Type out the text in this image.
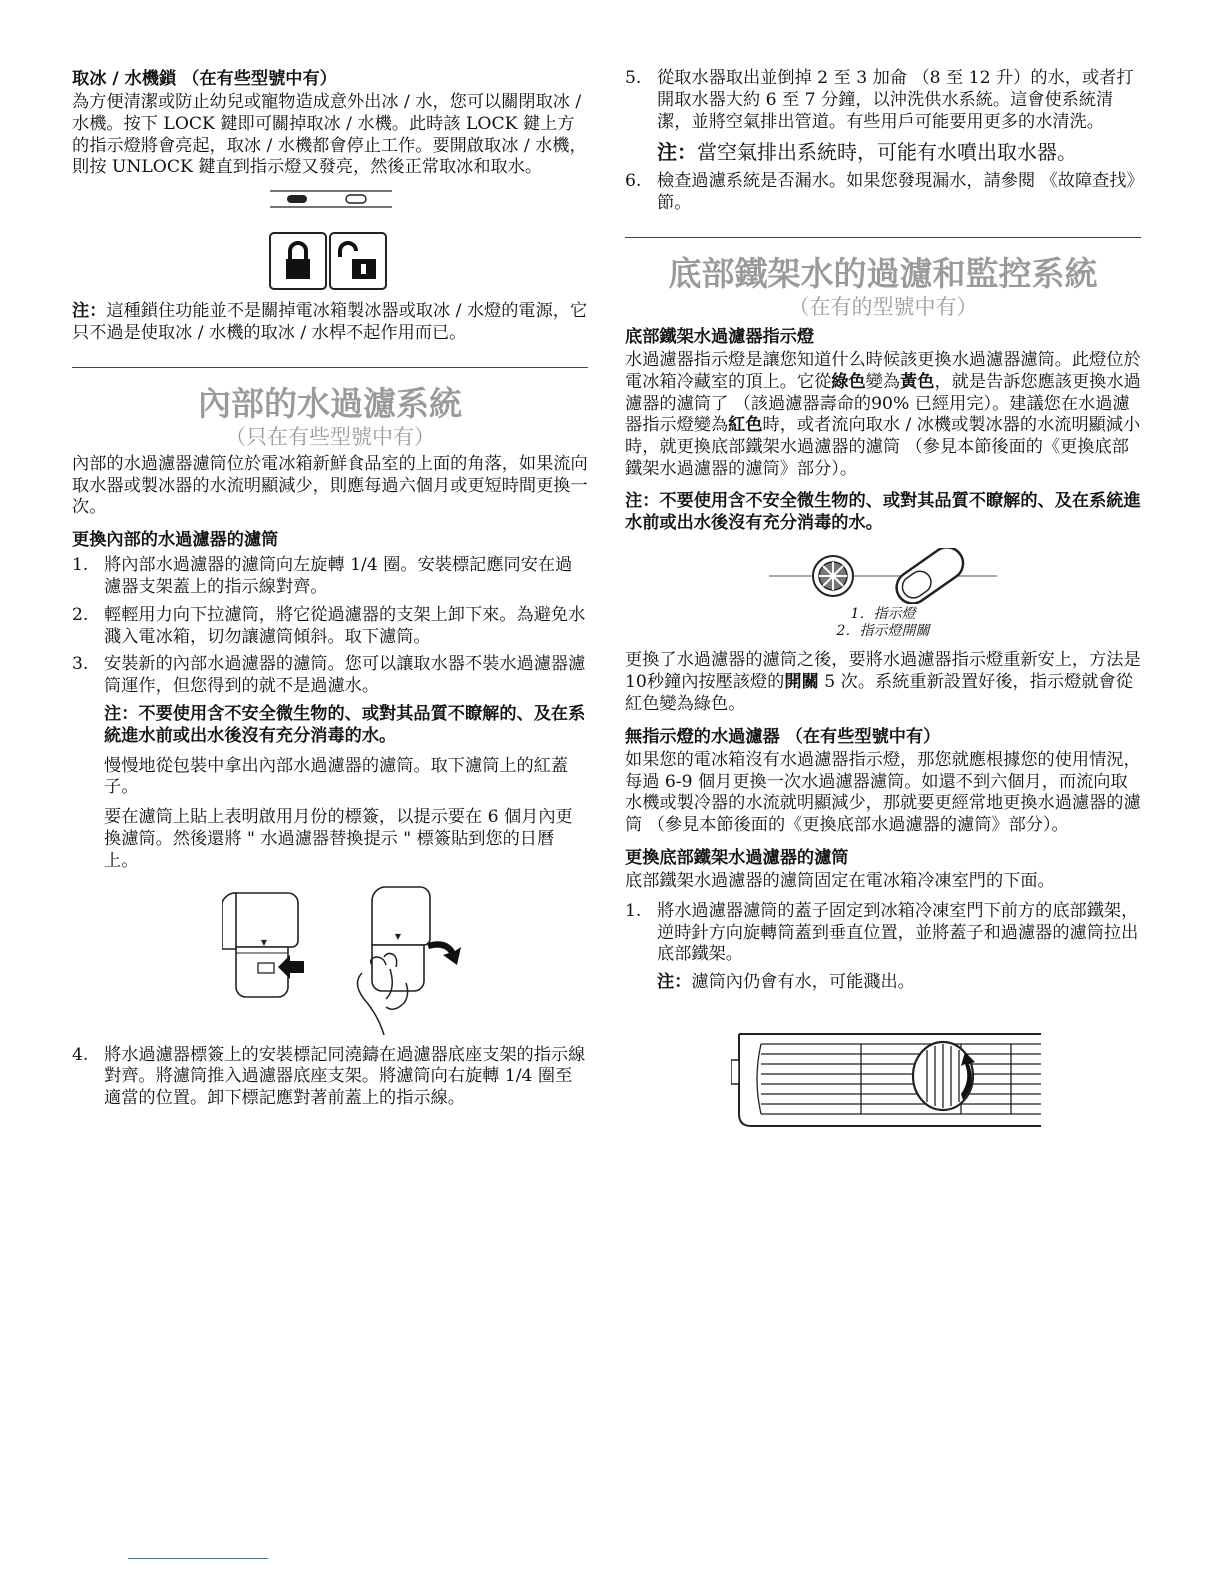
取冰 / 水機鎖 （在有些型號中有）

為方便清潔或防止幼兒或寵物造成意外出冰 / 水，您可以關閉取冰 / 水機。按下 LOCK 鍵即可關掉取冰 / 水機。此時該 LOCK 鍵上方的指示燈將會亮起，取冰 / 水機都會停止工作。要開啟取冰 / 水機，則按 UNLOCK 鍵直到指示燈又發亮，然後正常取冰和取水。

注：這種鎖住功能並不是關掉電冰箱製冰器或取冰 / 水燈的電源，它只不過是使取冰 / 水機的取冰 / 水桿不起作用而已。

內部的水過濾系統

（只在有些型號中有）

內部的水過濾器濾筒位於電冰箱新鮮食品室的上面的角落，如果流向取水器或製冰器的水流明顯減少，則應每過六個月或更短時間更換一次。

更換內部的水過濾器的濾筒

1. 將內部水過濾器的濾筒向左旋轉 1/4 圈。安裝標記應同安在過濾器支架蓋上的指示線對齊。
2. 輕輕用力向下拉濾筒，將它從過濾器的支架上卸下來。為避免水濺入電冰箱，切勿讓濾筒傾斜。取下濾筒。
3. 安裝新的內部水過濾器的濾筒。您可以讓取水器不裝水過濾器濾筒運作，但您得到的就不是過濾水。

注：不要使用含不安全微生物的、或對其品質不瞭解的、及在系統進水前或出水後沒有充分消毒的水。

慢慢地從包裝中拿出內部水過濾器的濾筒。取下濾筒上的紅蓋子。

要在濾筒上貼上表明啟用月份的標簽，以提示要在 6 個月內更換濾筒。然後還將 " 水過濾器替換提示 " 標簽貼到您的日曆上。

▼
▼
4. 將水過濾器標簽上的安裝標記同澆鑄在過濾器底座支架的指示線對齊。將濾筒推入過濾器底座支架。將濾筒向右旋轉 1/4 圈至適當的位置。卸下標記應對著前蓋上的指示線。
5. 從取水器取出並倒掉 2 至 3 加侖 （8 至 12 升）的水，或者打開取水器大約 6 至 7 分鐘，以沖洗供水系統。這會使系統清潔，並將空氣排出管道。有些用戶可能要用更多的水清洗。

注：當空氣排出系統時，可能有水噴出取水器。

6. 檢查過濾系統是否漏水。如果您發現漏水，請參閱 《故障查找》節。

底部鐵架水的過濾和監控系統

（在有的型號中有）

底部鐵架水過濾器指示燈

水過濾器指示燈是讓您知道什么時候該更換水過濾器濾筒。此燈位於電冰箱冷藏室的頂上。它從綠色變為黃色，就是告訴您應該更換水過濾器的濾筒了 （該過濾器壽命的90% 已經用完）。建議您在水過濾器指示燈變為紅色時，或者流向取水 / 冰機或製冰器的水流明顯減小時，就更換底部鐵架水過濾器的濾筒 （參見本節後面的《更換底部鐵架水過濾器的濾筒》部分）。

注：不要使用含不安全微生物的、或對其品質不瞭解的、及在系統進水前或出水後沒有充分消毒的水。

1．指示燈

2．指示燈開關

更換了水過濾器的濾筒之後，要將水過濾器指示燈重新安上，方法是 10秒鐘內按壓該燈的開關 5 次。系統重新設置好後，指示燈就會從紅色變為綠色。

無指示燈的水過濾器 （在有些型號中有）

如果您的電冰箱沒有水過濾器指示燈，那您就應根據您的使用情況，每過 6-9 個月更換一次水過濾器濾筒。如還不到六個月，而流向取水機或製冷器的水流就明顯減少，那就要更經常地更換水過濾器的濾筒 （參見本節後面的《更換底部水過濾器的濾筒》部分）。

更換底部鐵架水過濾器的濾筒

底部鐵架水過濾器的濾筒固定在電冰箱冷凍室門的下面。

1. 將水過濾器濾筒的蓋子固定到冰箱冷凍室門下前方的底部鐵架，逆時針方向旋轉筒蓋到垂直位置，並將蓋子和過濾器的濾筒拉出底部鐵架。

注：濾筒內仍會有水，可能濺出。
